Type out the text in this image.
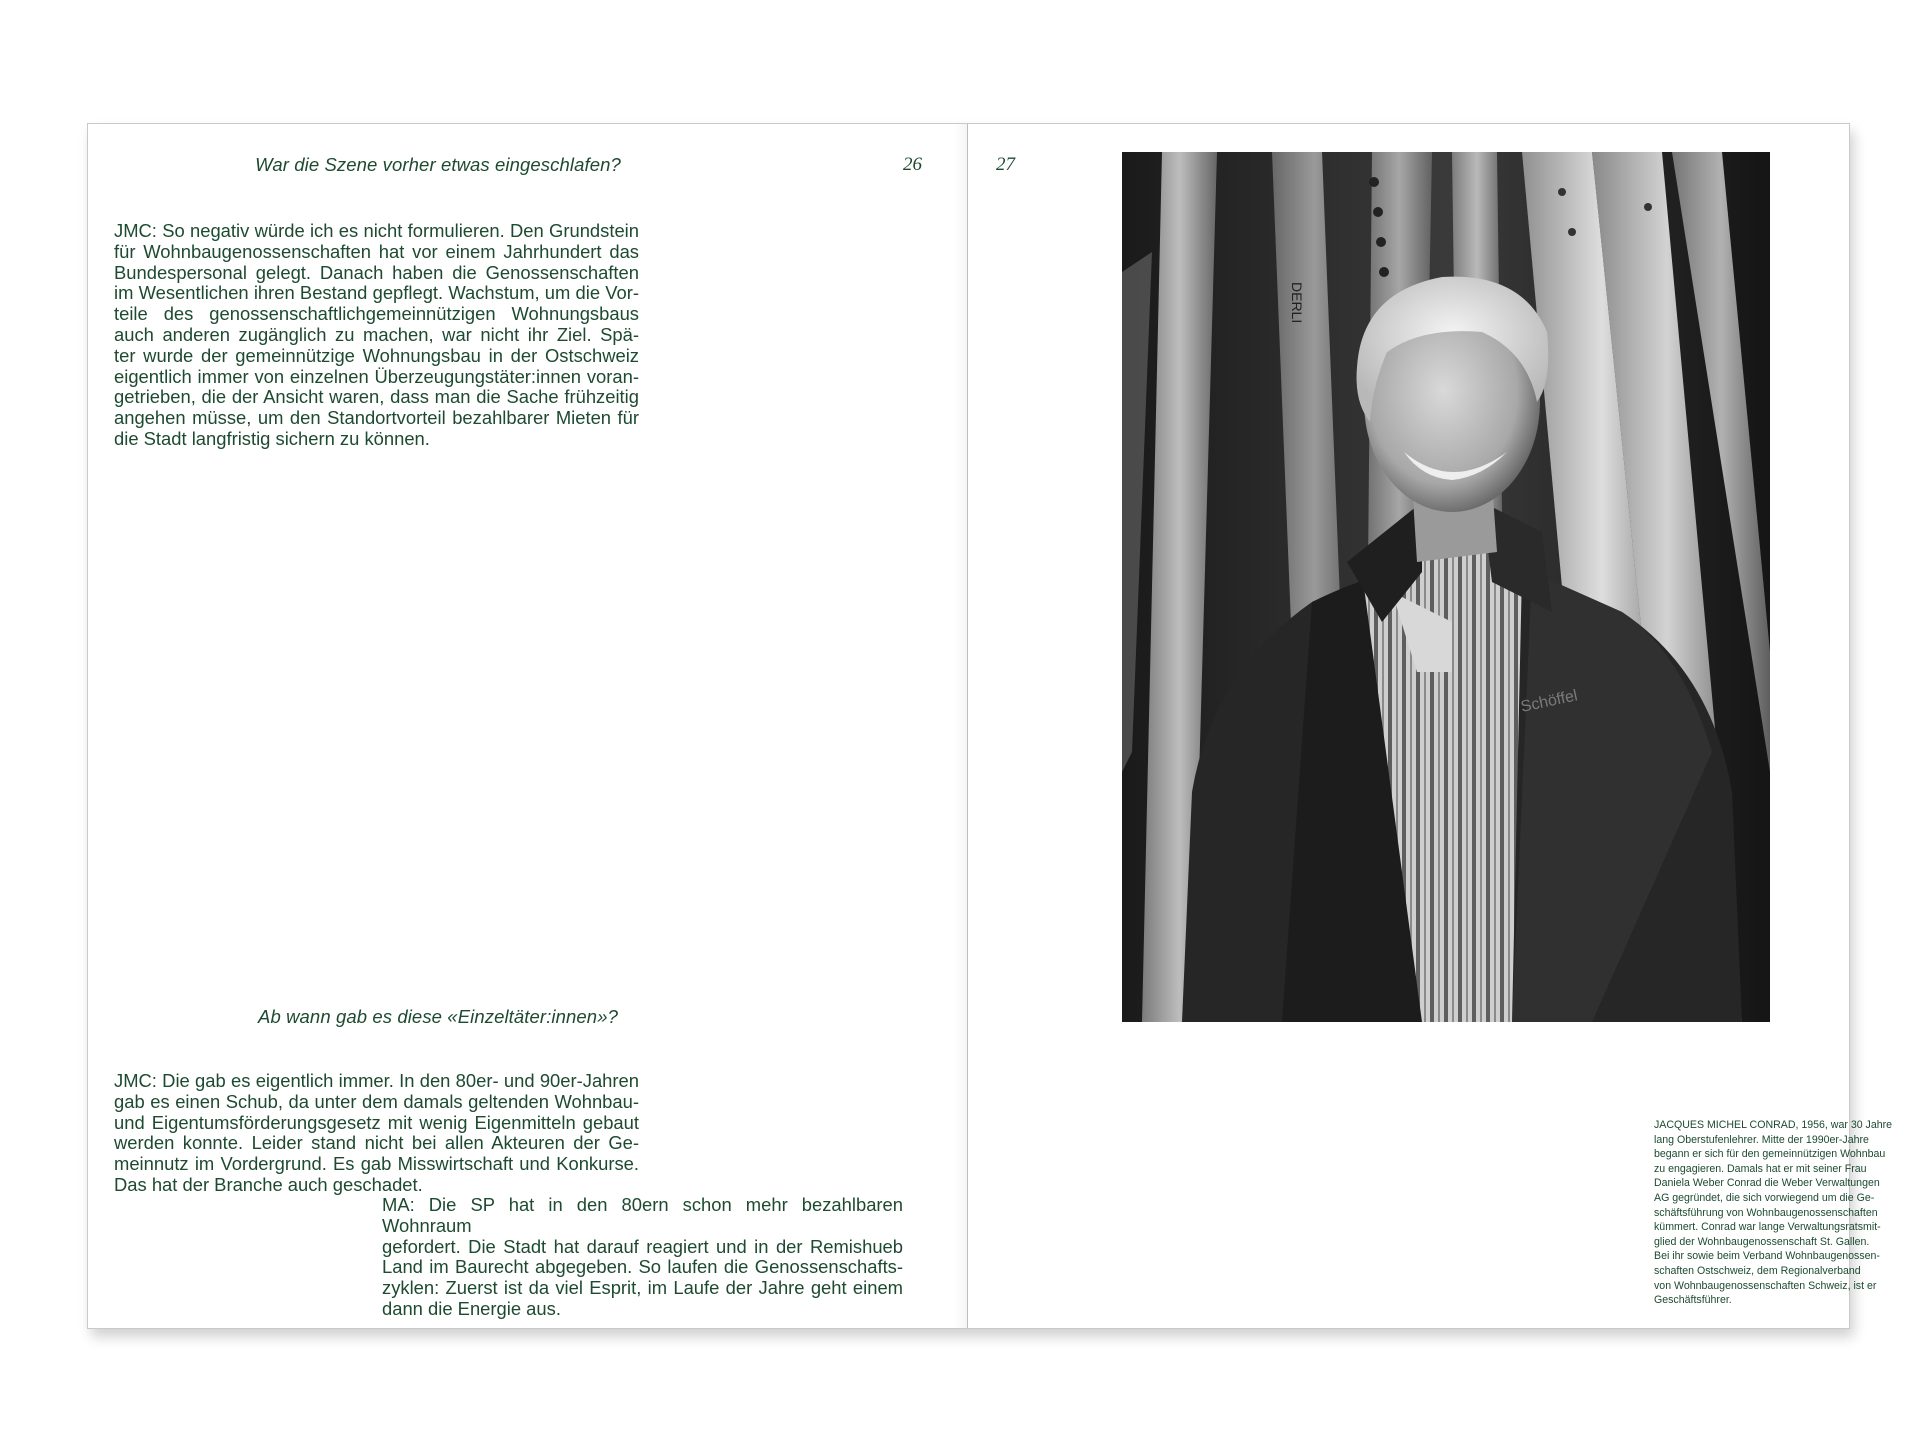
War die Szene vorher etwas eingeschlafen?	26
JMC: So negativ würde ich es nicht formulieren. Den Grundstein
für Wohnbaugenossenschaften hat vor einem Jahrhundert das
Bundespersonal gelegt. Danach haben die Genossenschaften
im Wesentlichen ihren Bestand gepflegt. Wachstum, um die Vor-
teile des genossenschaftlichgemeinnützigen Wohnungsbaus
auch anderen zugänglich zu machen, war nicht ihr Ziel. Spä-
ter wurde der gemeinnützige Wohnungsbau in der Ostschweiz
eigentlich immer von einzelnen Überzeugungstäter:innen voran-
getrieben, die der Ansicht waren, dass man die Sache frühzeitig
angehen müsse, um den Standortvorteil bezahlbarer Mieten für
die Stadt langfristig sichern zu können.
Ab wann gab es diese «Einzeltäter:innen»?
JMC: Die gab es eigentlich immer. In den 80er- und 90er-Jahren
gab es einen Schub, da unter dem damals geltenden Wohnbau-
und Eigentumsförderungsgesetz mit wenig Eigenmitteln gebaut
werden konnte. Leider stand nicht bei allen Akteuren der Ge-
meinnutz im Vordergrund. Es gab Misswirtschaft und Konkurse.
Das hat der Branche auch geschadet.
MA: Die SP hat in den 80ern schon mehr bezahlbaren Wohnraum
gefordert. Die Stadt hat darauf reagiert und in der Remishueb
Land im Baurecht abgegeben. So laufen die Genossenschafts-
zyklen: Zuerst ist da viel Esprit, im Laufe der Jahre geht einem
dann die Energie aus.
27
Schöffel
DERLI
JACQUES MICHEL CONRAD, 1956, war 30 Jahre
lang Oberstufenlehrer. Mitte der 1990er-Jahre
begann er sich für den gemeinnützigen Wohnbau
zu engagieren. Damals hat er mit seiner Frau
Daniela Weber Conrad die Weber Verwaltungen
AG gegründet, die sich vorwiegend um die Ge-
schäftsführung von Wohnbaugenossenschaften
kümmert. Conrad war lange Verwaltungsratsmit-
glied der Wohnbaugenossenschaft St. Gallen.
Bei ihr sowie beim Verband Wohnbaugenossen-
schaften Ostschweiz, dem Regionalverband
von Wohnbaugenossenschaften Schweiz, ist er
Geschäftsführer.
